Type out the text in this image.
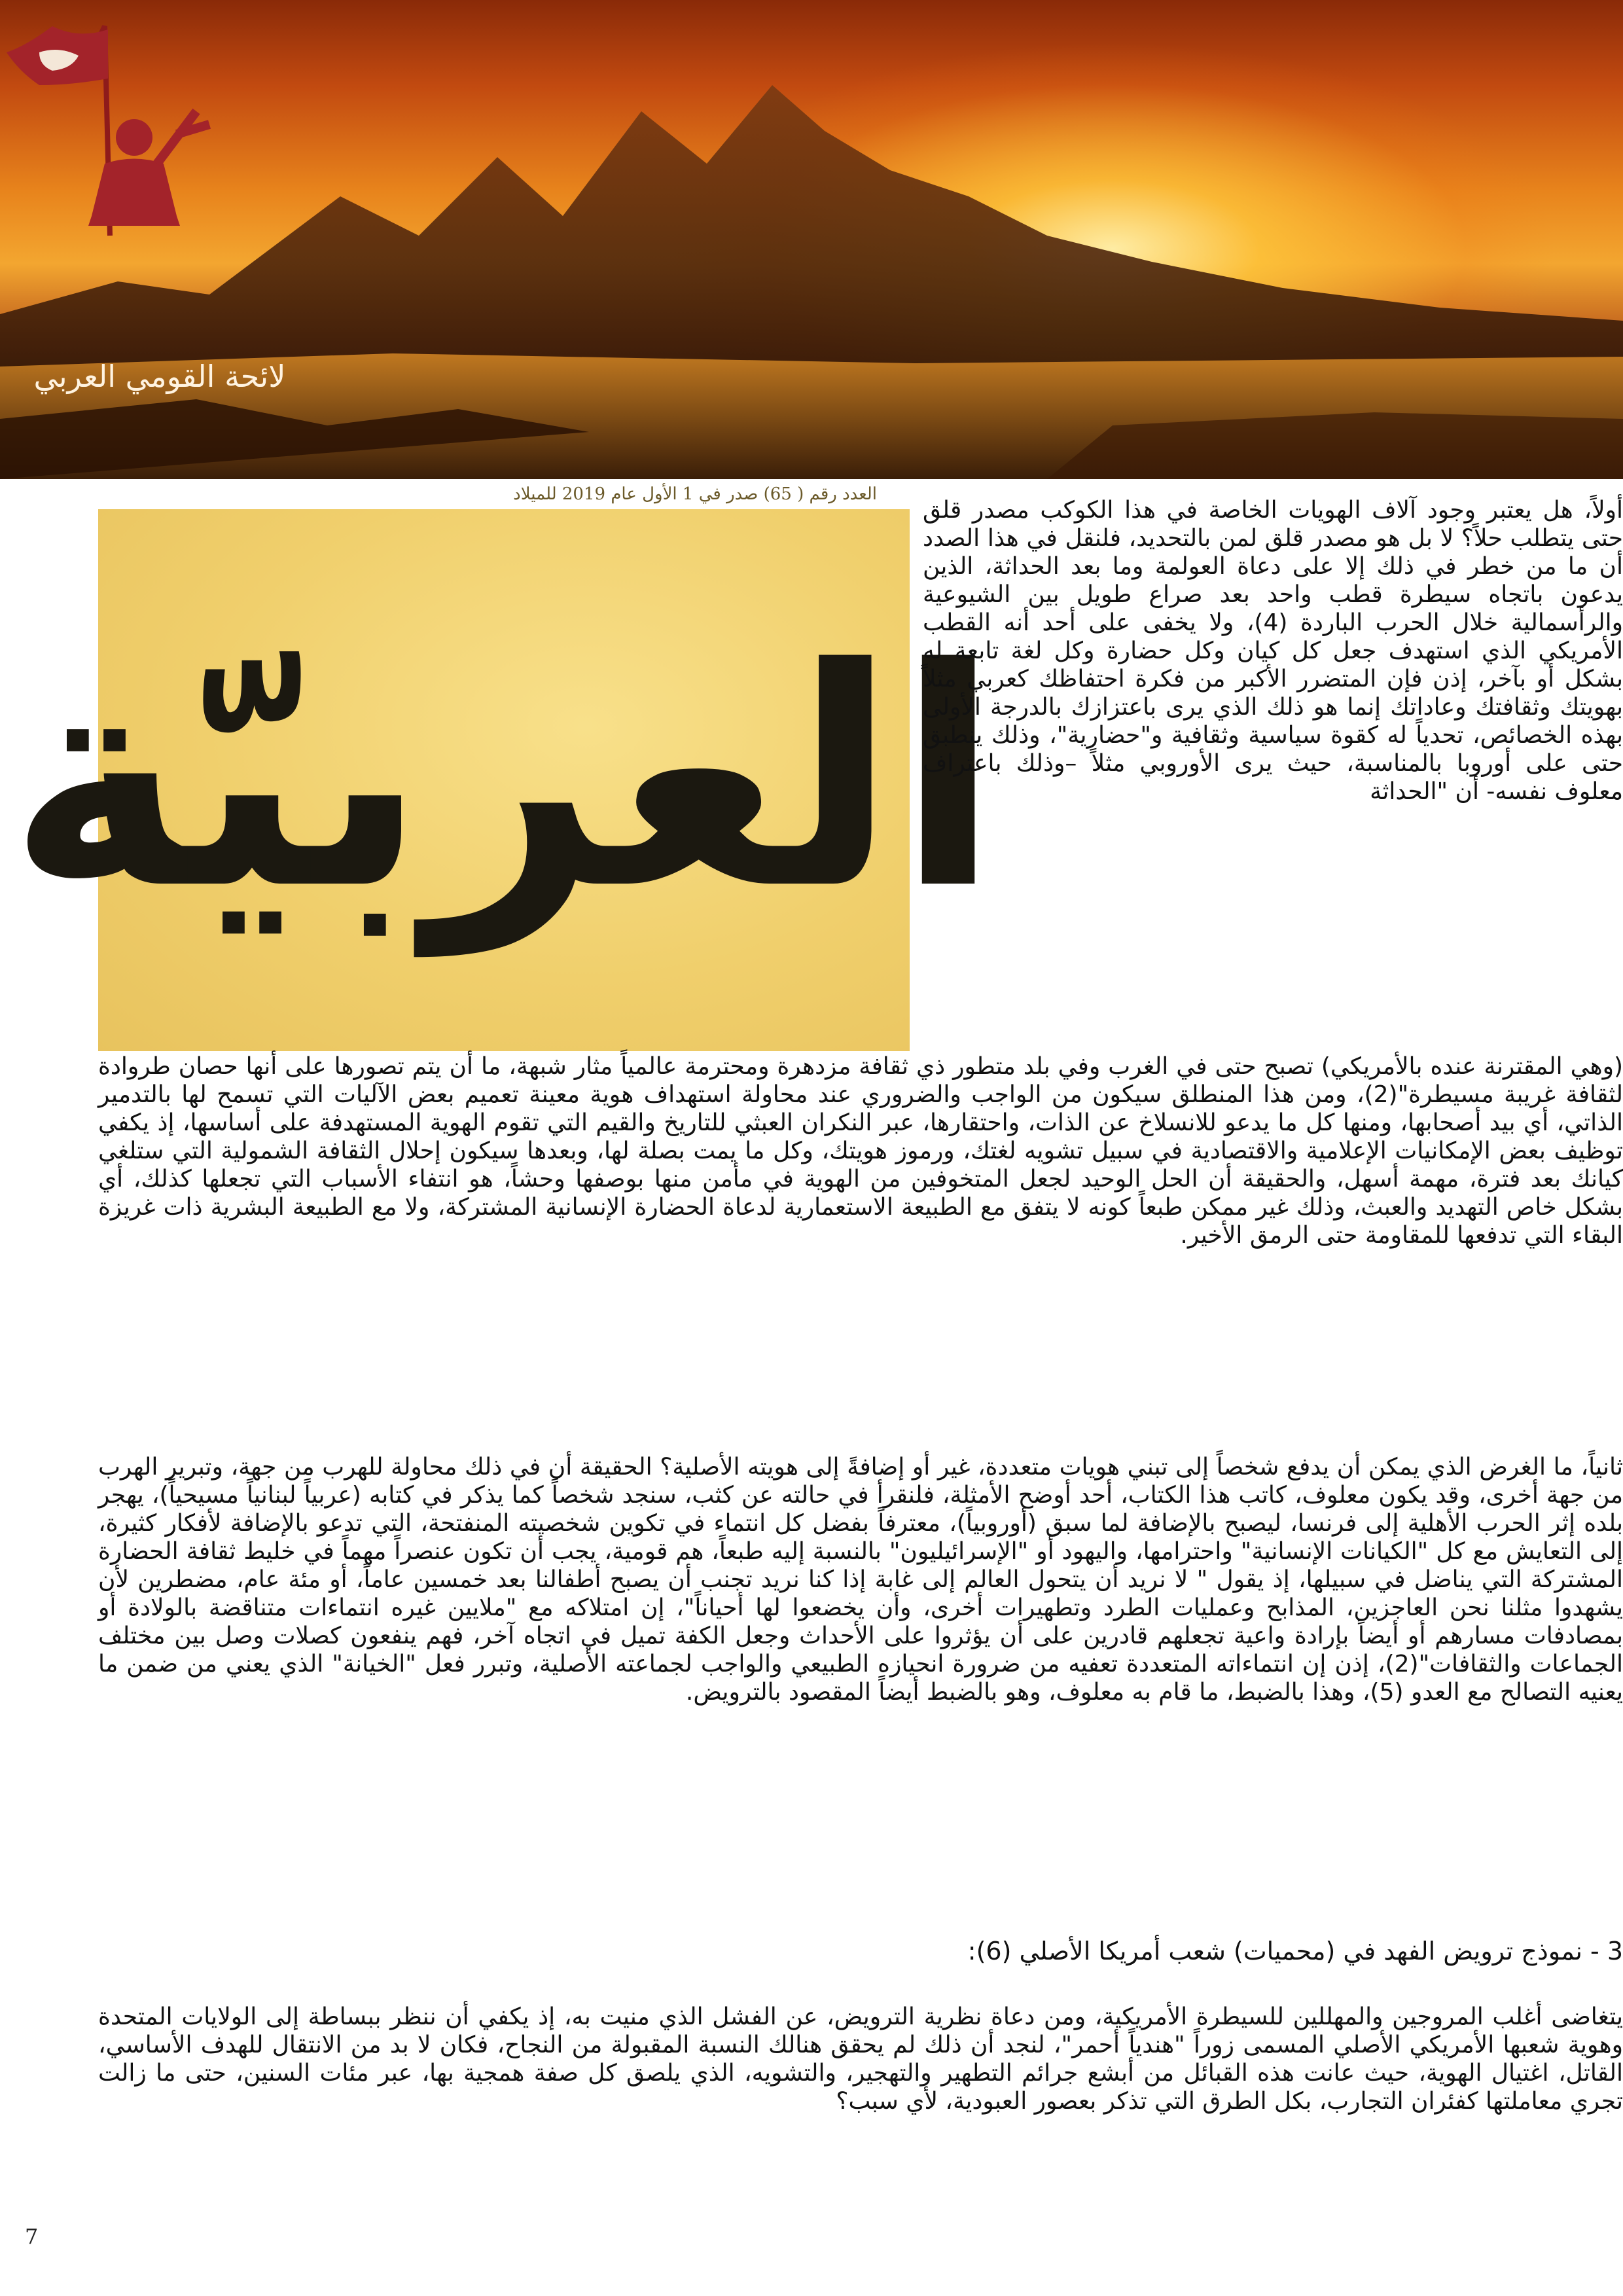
لائحة القومي العربي
العدد رقم ( 65) صدر في 1 الأول عام 2019 للميلاد
العربيّة
أولاً، هل يعتبر وجود آلاف الهويات الخاصة في هذا الكوكب مصدر قلق حتى يتطلب حلاً؟ لا بل هو مصدر قلق لمن بالتحديد، فلنقل في هذا الصدد أن ما من خطر في ذلك إلا على دعاة العولمة وما بعد الحداثة، الذين يدعون باتجاه سيطرة قطب واحد بعد صراع طويل بين الشيوعية والرأسمالية خلال الحرب الباردة (4)، ولا يخفى على أحد أنه القطب الأمريكي الذي استهدف جعل كل كيان وكل حضارة وكل لغة تابعة له بشكل أو بآخر، إذن فإن المتضرر الأكبر من فكرة احتفاظك كعربي مثلاً بهويتك وثقافتك وعاداتك إنما هو ذلك الذي يرى باعتزازك بالدرجة الأولى بهذه الخصائص، تحدياً له كقوة سياسية وثقافية و"حضارية"، وذلك ينطبق حتى على أوروبا بالمناسبة، حيث يرى الأوروبي مثلاً –وذلك باعتراف معلوف نفسه- أن "الحداثة
(وهي المقترنة عنده بالأمريكي) تصبح حتى في الغرب وفي بلد متطور ذي ثقافة مزدهرة ومحترمة عالمياً مثار شبهة، ما أن يتم تصورها على أنها حصان طروادة لثقافة غريبة مسيطرة"(2)، ومن هذا المنطلق سيكون من الواجب والضروري عند محاولة استهداف هوية معينة تعميم بعض الآليات التي تسمح لها بالتدمير الذاتي، أي بيد أصحابها، ومنها كل ما يدعو للانسلاخ عن الذات، واحتقارها، عبر النكران العبثي للتاريخ والقيم التي تقوم الهوية المستهدفة على أساسها، إذ يكفي توظيف بعض الإمكانيات الإعلامية والاقتصادية في سبيل تشويه لغتك، ورموز هويتك، وكل ما يمت بصلة لها، وبعدها سيكون إحلال الثقافة الشمولية التي ستلغي كيانك بعد فترة، مهمة أسهل، والحقيقة أن الحل الوحيد لجعل المتخوفين من الهوية في مأمن منها بوصفها وحشاً، هو انتفاء الأسباب التي تجعلها كذلك، أي بشكل خاص التهديد والعبث، وذلك غير ممكن طبعاً كونه لا يتفق مع الطبيعة الاستعمارية لدعاة الحضارة الإنسانية المشتركة، ولا مع الطبيعة البشرية ذات غريزة البقاء التي تدفعها للمقاومة حتى الرمق الأخير.
ثانياً، ما الغرض الذي يمكن أن يدفع شخصاً إلى تبني هويات متعددة، غير أو إضافةً إلى هويته الأصلية؟ الحقيقة أن في ذلك محاولة للهرب من جهة، وتبرير الهرب من جهة أخرى، وقد يكون معلوف، كاتب هذا الكتاب، أحد أوضح الأمثلة، فلنقرأ في حالته عن كثب، سنجد شخصاً كما يذكر في كتابه (عربياً لبنانياً مسيحياً)، يهجر بلده إثر الحرب الأهلية إلى فرنسا، ليصبح بالإضافة لما سبق (أوروبياً)، معترفاً بفضل كل انتماء في تكوين شخصيته المنفتحة، التي تدعو بالإضافة لأفكار كثيرة، إلى التعايش مع كل "الكيانات الإنسانية" واحترامها، واليهود أو "الإسرائيليون" بالنسبة إليه طبعاً، هم قومية، يجب أن تكون عنصراً مهماً في خليط ثقافة الحضارة المشتركة التي يناضل في سبيلها، إذ يقول " لا نريد أن يتحول العالم إلى غابة إذا كنا نريد تجنب أن يصبح أطفالنا بعد خمسين عاماً، أو مئة عام، مضطرين لأن يشهدوا مثلنا نحن العاجزين، المذابح وعمليات الطرد وتطهيرات أخرى، وأن يخضعوا لها أحياناً"، إن امتلاكه مع "ملايين غيره انتماءات متناقضة بالولادة أو بمصادفات مسارهم أو أيضاً بإرادة واعية تجعلهم قادرين على أن يؤثروا على الأحداث وجعل الكفة تميل في اتجاه آخر، فهم ينفعون كصلات وصل بين مختلف الجماعات والثقافات"(2)، إذن إن انتماءاته المتعددة تعفيه من ضرورة انحيازه الطبيعي والواجب لجماعته الأصلية، وتبرر فعل "الخيانة" الذي يعني من ضمن ما يعنيه التصالح مع العدو (5)، وهذا بالضبط، ما قام به معلوف، وهو بالضبط أيضاً المقصود بالترويض.
3 - نموذج ترويض الفهد في (محميات) شعب أمريكا الأصلي (6):
يتغاضى أغلب المروجين والمهللين للسيطرة الأمريكية، ومن دعاة نظرية الترويض، عن الفشل الذي منيت به، إذ يكفي أن ننظر ببساطة إلى الولايات المتحدة وهوية شعبها الأمريكي الأصلي المسمى زوراً "هندياً أحمر"، لنجد أن ذلك لم يحقق هنالك النسبة المقبولة من النجاح، فكان لا بد من الانتقال للهدف الأساسي، القاتل، اغتيال الهوية، حيث عانت هذه القبائل من أبشع جرائم التطهير والتهجير، والتشويه، الذي يلصق كل صفة همجية بها، عبر مئات السنين، حتى ما زالت تجري معاملتها كفئران التجارب، بكل الطرق التي تذكر بعصور العبودية، لأي سبب؟
7
